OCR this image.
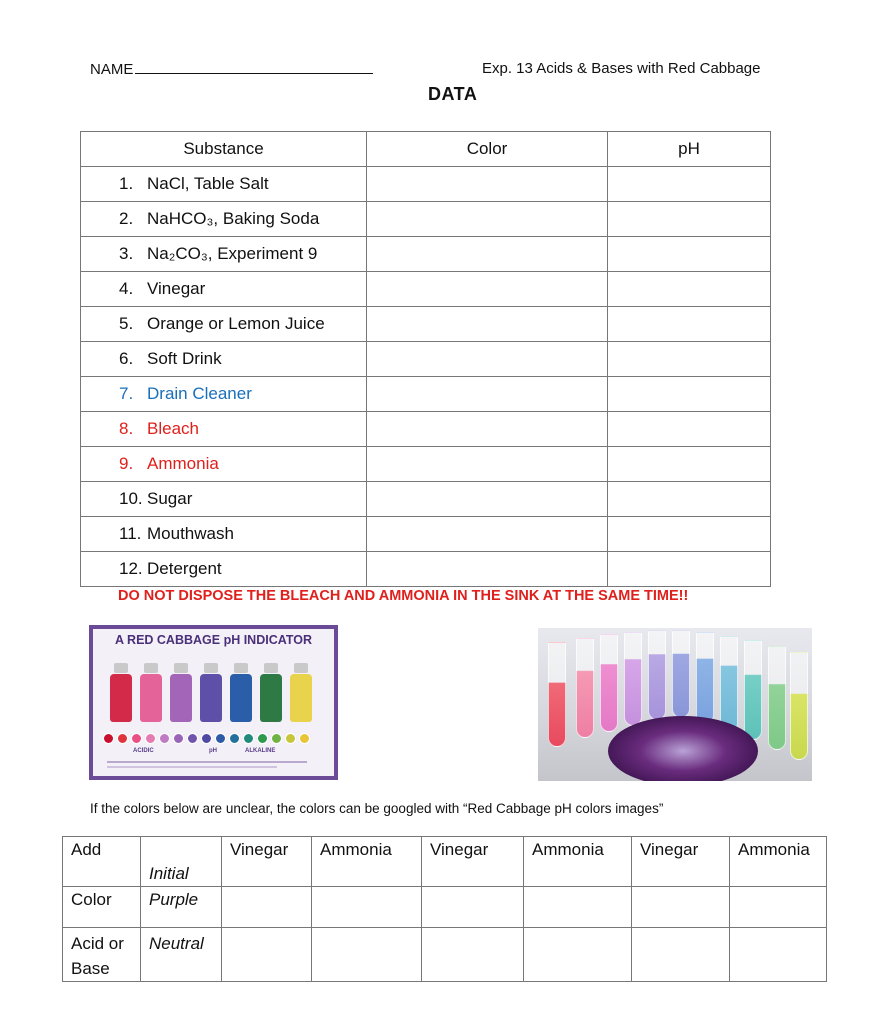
NAME	Exp. 13 Acids & Bases with Red Cabbage
DATA
Substance	Color	pH
1. NaCl, Table Salt		
2. NaHCO₃, Baking Soda		
3. Na₂CO₃, Experiment 9		
4. Vinegar		
5. Orange or Lemon Juice		
6. Soft Drink		
7. Drain Cleaner		
8. Bleach		
9. Ammonia		
10. Sugar		
11. Mouthwash		
12. Detergent		
DO NOT DISPOSE THE BLEACH AND AMMONIA IN THE SINK AT THE SAME TIME!!
A RED CABBAGE pH INDICATOR
ACIDIC	pH	ALKALINE
If the colors below are unclear, the colors can be googled with “Red Cabbage pH colors images”
Add	Initial	Vinegar	Ammonia	Vinegar	Ammonia	Vinegar	Ammonia
Color	Purple						
Acid or
Base	Neutral						
